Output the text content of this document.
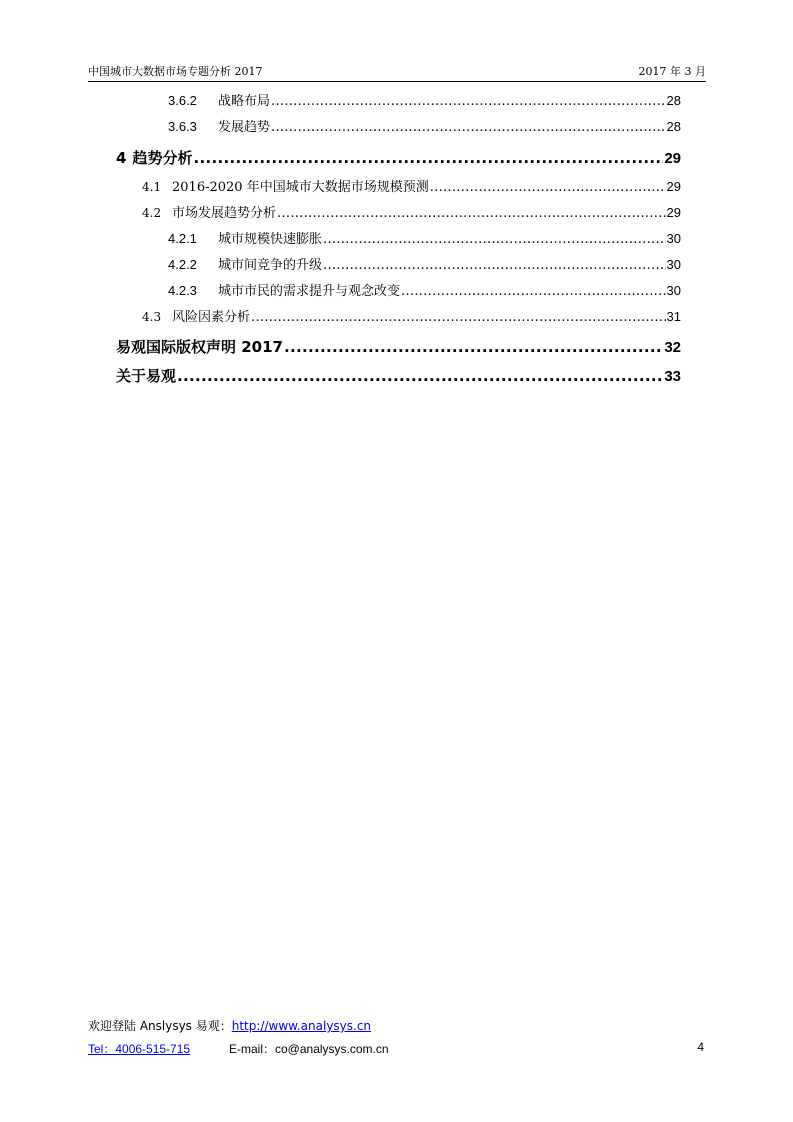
中国城市大数据市场专题分析 2017	2017 年 3 月
3.6.2	战略布局 .....	28
3.6.3	发展趋势 .....	28
4 趋势分析 .....	29
4.1 2016-2020 年中国城市大数据市场规模预测 .....	29
4.2 市场发展趋势分析 .....	29
4.2.1	城市规模快速膨胀 .....	30
4.2.2	城市间竞争的升级 .....	30
4.2.3	城市市民的需求提升与观念改变 .....	30
4.3 风险因素分析 .....	31
易观国际版权声明 2017 .....	32
关于易观 .....	33
欢迎登陆 Anslysys 易观：http://www.analysys.cn
Tel：4006-515-715	E-mail：co@analysys.com.cn	4
